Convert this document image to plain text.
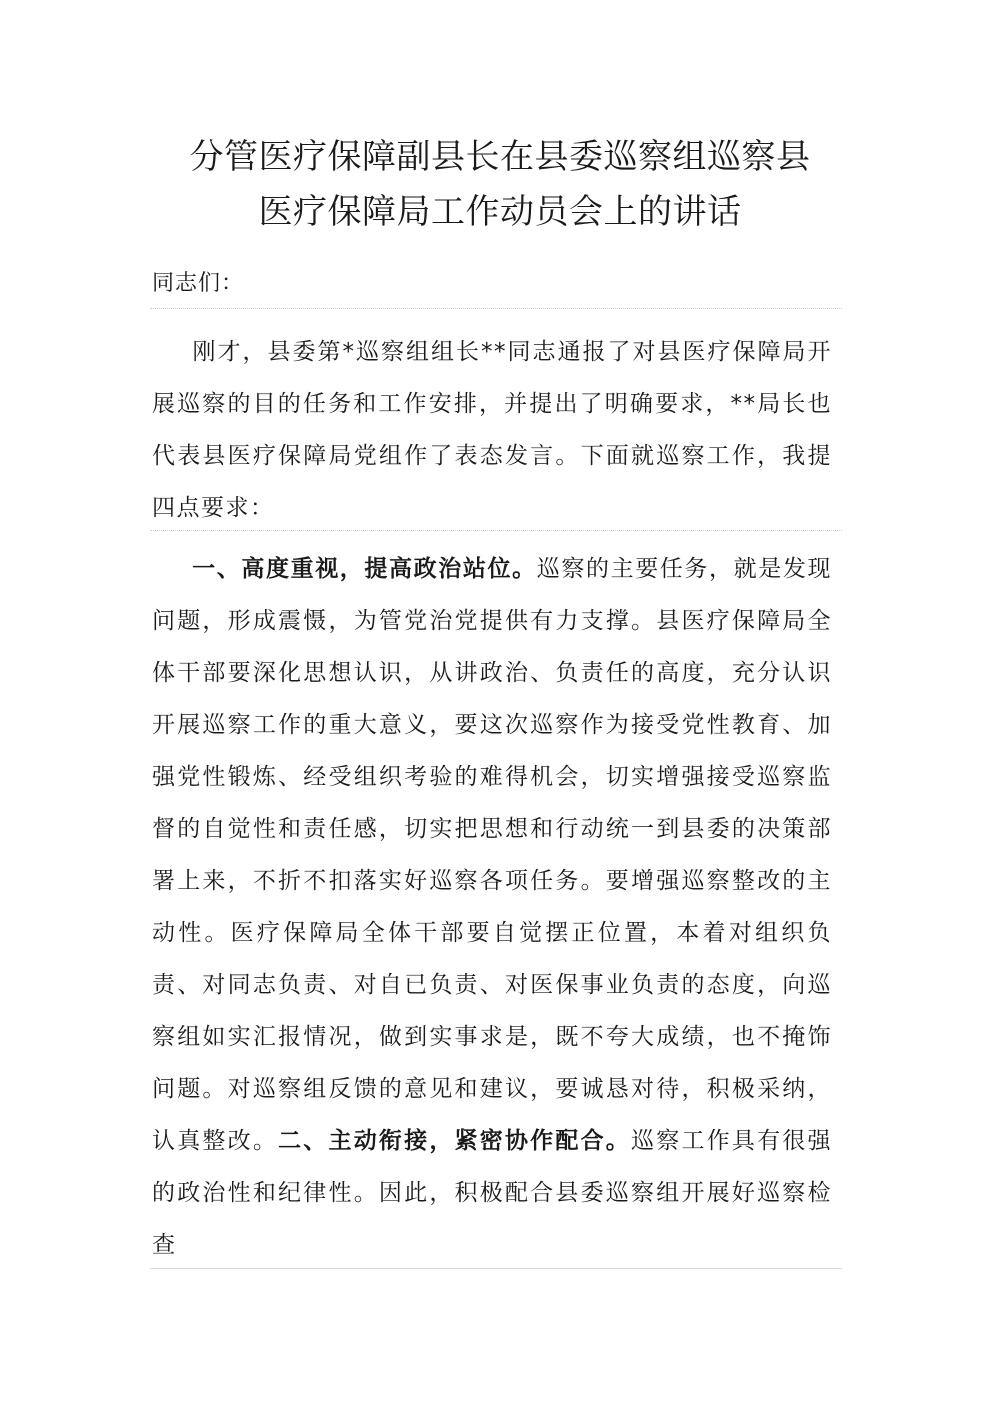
分管医疗保障副县长在县委巡察组巡察县
医疗保障局工作动员会上的讲话
同志们：

刚才，县委第*巡察组组长**同志通报了对县医疗保障局开展巡察的目的任务和工作安排，并提出了明确要求，**局长也代表县医疗保障局党组作了表态发言。下面就巡察工作，我提四点要求：

一、高度重视，提高政治站位。巡察的主要任务，就是发现问题，形成震慑，为管党治党提供有力支撑。县医疗保障局全体干部要深化思想认识，从讲政治、负责任的高度，充分认识开展巡察工作的重大意义，要这次巡察作为接受党性教育、加强党性锻炼、经受组织考验的难得机会，切实增强接受巡察监督的自觉性和责任感，切实把思想和行动统一到县委的决策部署上来，不折不扣落实好巡察各项任务。要增强巡察整改的主动性。医疗保障局全体干部要自觉摆正位置，本着对组织负责、对同志负责、对自已负责、对医保事业负责的态度，向巡察组如实汇报情况，做到实事求是，既不夸大成绩，也不掩饰问题。对巡察组反馈的意见和建议，要诚恳对待，积极采纳，认真整改。二、主动衔接，紧密协作配合。巡察工作具有很强的政治性和纪律性。因此，积极配合县委巡察组开展好巡察检查
